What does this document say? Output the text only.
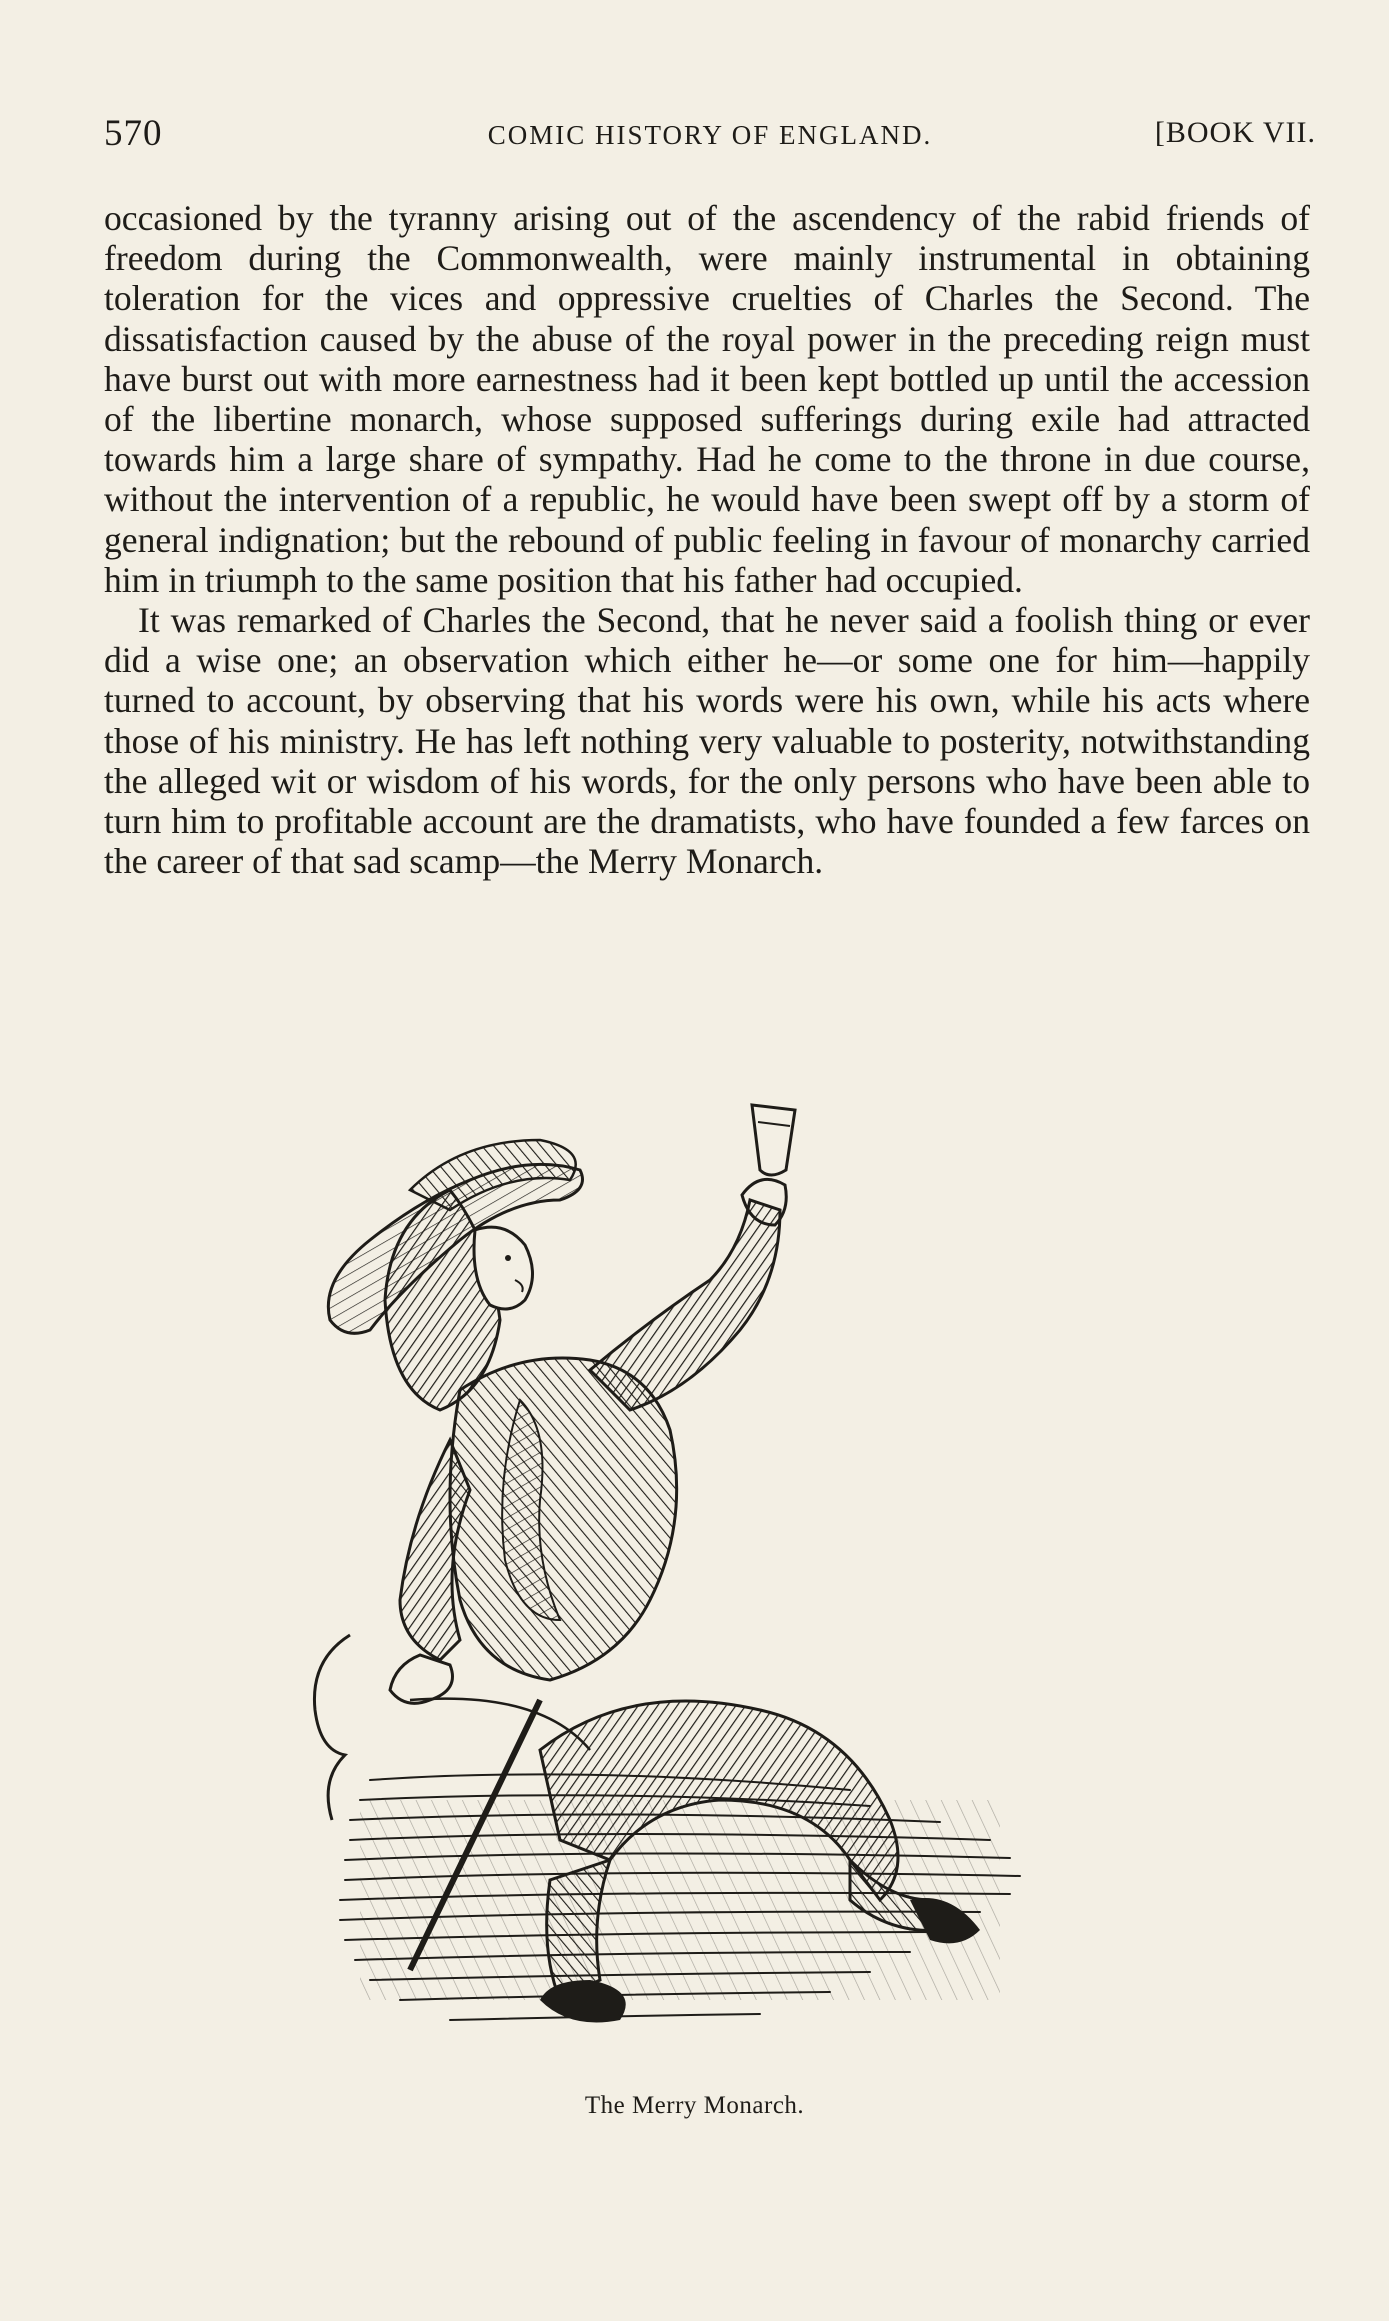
570	COMIC HISTORY OF ENGLAND.	[BOOK VII.

occasioned by the tyranny arising out of the ascendency of the rabid friends of freedom during the Commonwealth, were mainly instrumental in obtaining toleration for the vices and oppressive cruelties of Charles the Second. The dissatisfaction caused by the abuse of the royal power in the preceding reign must have burst out with more earnestness had it been kept bottled up until the accession of the libertine monarch, whose supposed sufferings during exile had attracted towards him a large share of sympathy. Had he come to the throne in due course, without the intervention of a republic, he would have been swept off by a storm of general indignation; but the rebound of public feeling in favour of monarchy carried him in triumph to the same position that his father had occupied.

It was remarked of Charles the Second, that he never said a foolish thing or ever did a wise one; an observation which either he—or some one for him—happily turned to account, by observing that his words were his own, while his acts where those of his ministry. He has left nothing very valuable to posterity, notwithstanding the alleged wit or wisdom of his words, for the only persons who have been able to turn him to profitable account are the dramatists, who have founded a few farces on the career of that sad scamp—the Merry Monarch.

The Merry Monarch.
